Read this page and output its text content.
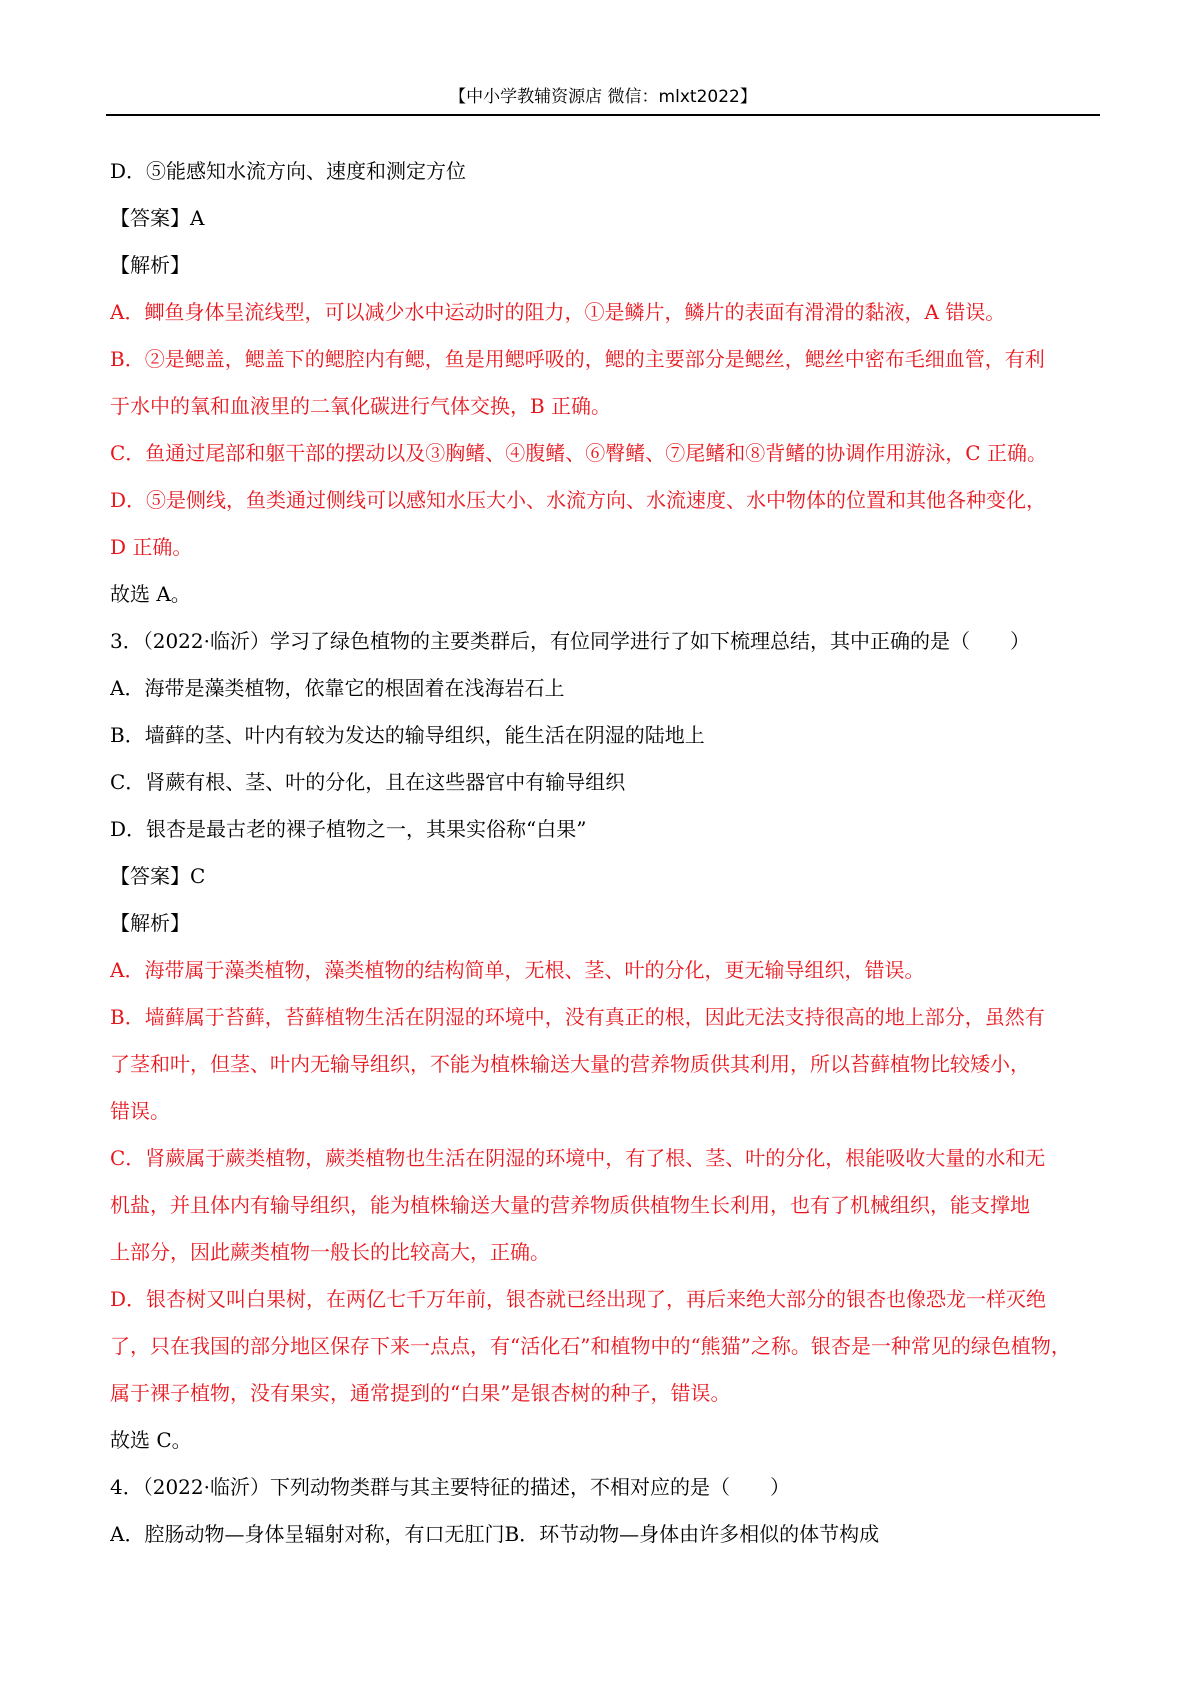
【中小学教辅资源店 微信：mlxt2022】
D．⑤能感知水流方向、速度和测定方位
【答案】A
【解析】
A．鲫鱼身体呈流线型，可以减少水中运动时的阻力，①是鳞片，鳞片的表面有滑滑的黏液，A 错误。
B．②是鳃盖，鳃盖下的鳃腔内有鳃，鱼是用鳃呼吸的，鳃的主要部分是鳃丝，鳃丝中密布毛细血管，有利
于水中的氧和血液里的二氧化碳进行气体交换，B 正确。
C．鱼通过尾部和躯干部的摆动以及③胸鳍、④腹鳍、⑥臀鳍、⑦尾鳍和⑧背鳍的协调作用游泳，C 正确。
D．⑤是侧线，鱼类通过侧线可以感知水压大小、水流方向、水流速度、水中物体的位置和其他各种变化，
D 正确。
故选 A。
3．（2022·临沂）学习了绿色植物的主要类群后，有位同学进行了如下梳理总结，其中正确的是（　　）
A．海带是藻类植物，依靠它的根固着在浅海岩石上
B．墙藓的茎、叶内有较为发达的输导组织，能生活在阴湿的陆地上
C．肾蕨有根、茎、叶的分化，且在这些器官中有输导组织
D．银杏是最古老的裸子植物之一，其果实俗称“白果”
【答案】C
【解析】
A．海带属于藻类植物，藻类植物的结构简单，无根、茎、叶的分化，更无输导组织，错误。
B．墙藓属于苔藓，苔藓植物生活在阴湿的环境中，没有真正的根，因此无法支持很高的地上部分，虽然有
了茎和叶，但茎、叶内无输导组织，不能为植株输送大量的营养物质供其利用，所以苔藓植物比较矮小，
错误。
C．肾蕨属于蕨类植物，蕨类植物也生活在阴湿的环境中，有了根、茎、叶的分化，根能吸收大量的水和无
机盐，并且体内有输导组织，能为植株输送大量的营养物质供植物生长利用，也有了机械组织，能支撑地
上部分，因此蕨类植物一般长的比较高大，正确。
D．银杏树又叫白果树，在两亿七千万年前，银杏就已经出现了，再后来绝大部分的银杏也像恐龙一样灭绝
了，只在我国的部分地区保存下来一点点，有“活化石”和植物中的“熊猫”之称。银杏是一种常见的绿色植物，
属于裸子植物，没有果实，通常提到的“白果”是银杏树的种子，错误。
故选 C。
4．（2022·临沂）下列动物类群与其主要特征的描述，不相对应的是（　　）
A．腔肠动物—身体呈辐射对称，有口无肛门B．环节动物—身体由许多相似的体节构成
